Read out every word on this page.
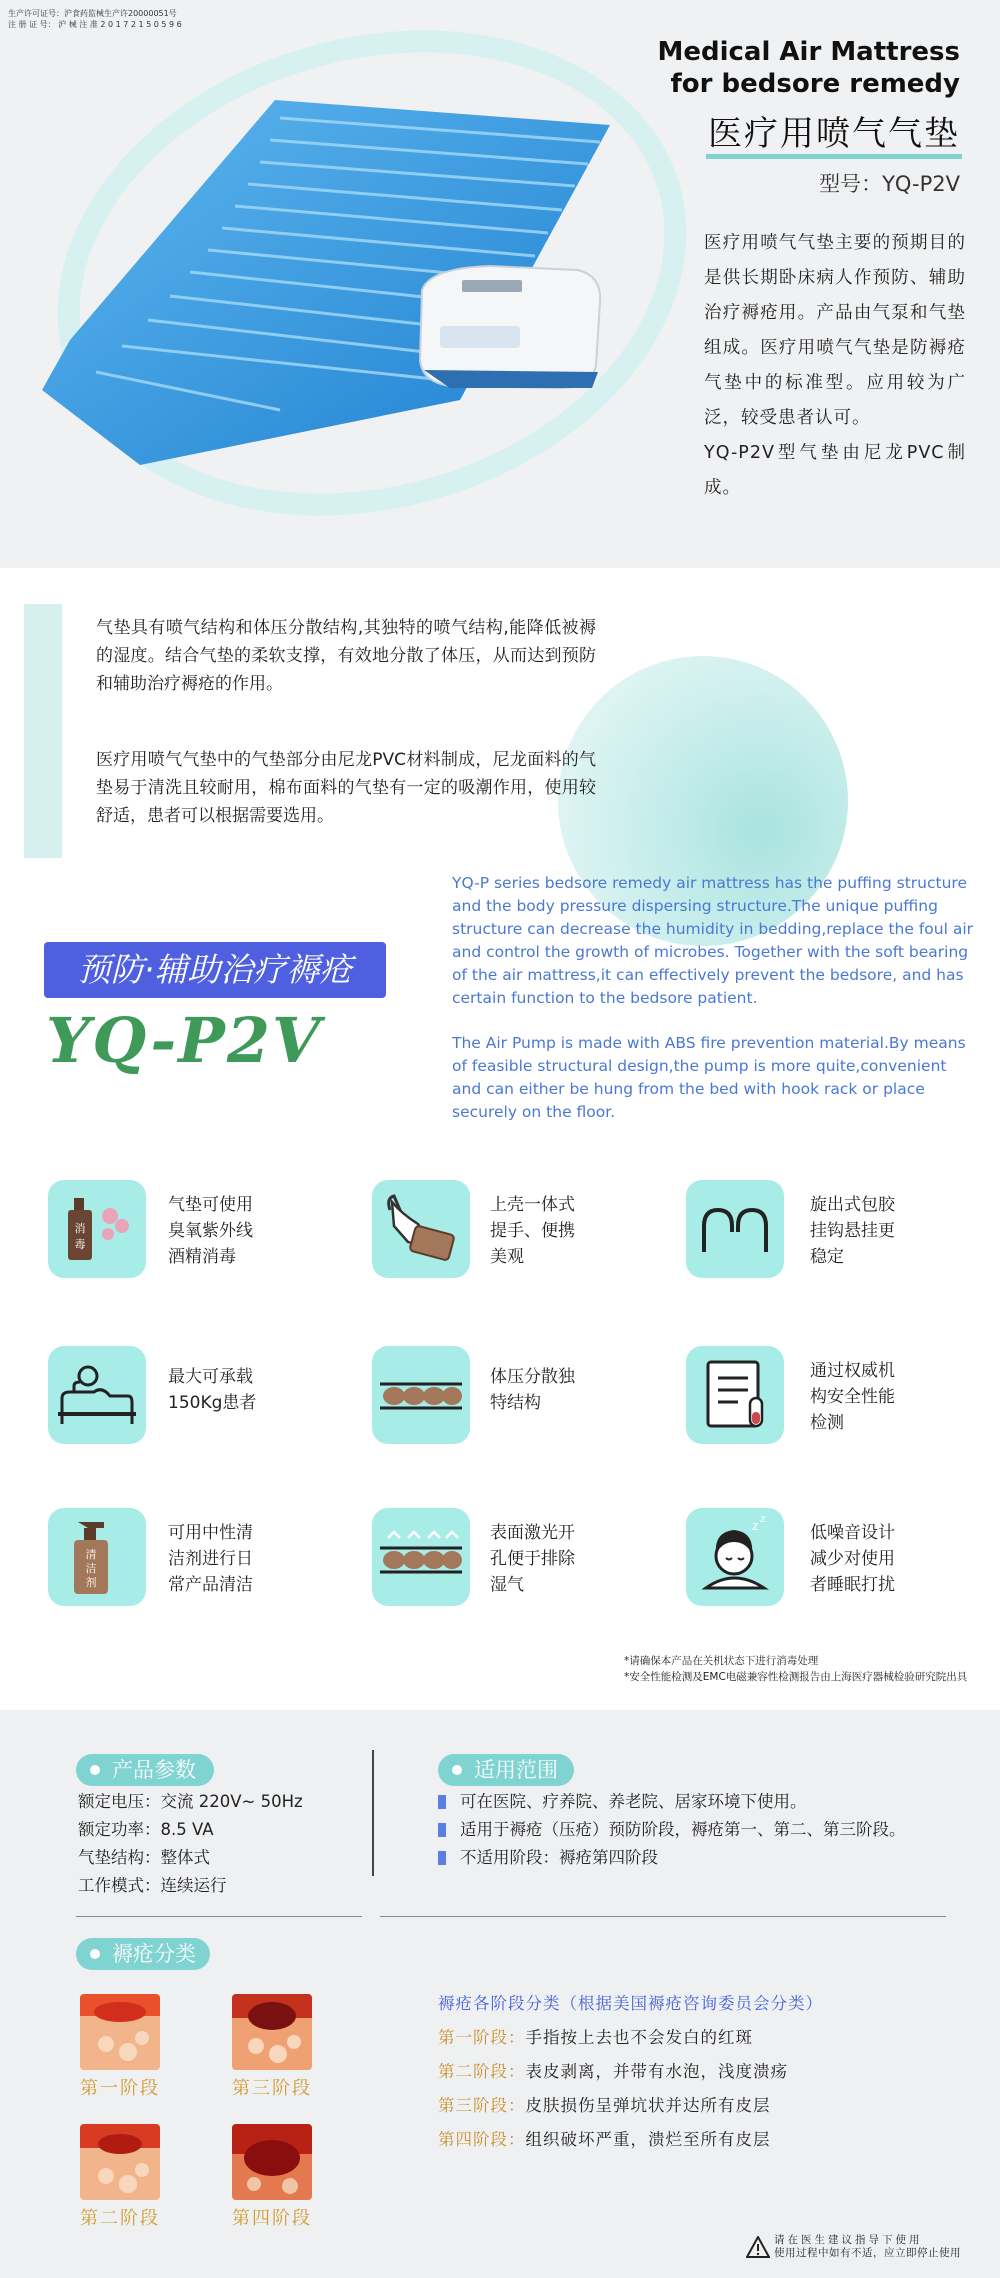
生产许可证号：沪食药监械生产许20000051号
注 册 证 号： 沪 械 注 准 2 0 1 7 2 1 5 0 5 9 6
Medical Air Mattress
for bedsore remedy
医疗用喷气气垫
型号：YQ-P2V
医疗用喷气气垫主要的预期目的是供长期卧床病人作预防、辅助治疗褥疮用。产品由气泵和气垫组成。医疗用喷气气垫是防褥疮气垫中的标准型。应用较为广泛，较受患者认可。
YQ-P2V型气垫由尼龙PVC制成。
气垫具有喷气结构和体压分散结构,其独特的喷气结构,能降低被褥的湿度。结合气垫的柔软支撑，有效地分散了体压，从而达到预防和辅助治疗褥疮的作用。
医疗用喷气气垫中的气垫部分由尼龙PVC材料制成，尼龙面料的气垫易于清洗且较耐用，棉布面料的气垫有一定的吸潮作用，使用较舒适，患者可以根据需要选用。
YQ-P series bedsore remedy air mattress has the puffing structure and the body pressure dispersing structure.The unique puffing structure can decrease the humidity in bedding,replace the foul air and control the growth of microbes. Together with the soft bearing of the air mattress,it can effectively prevent the bedsore, and has certain function to the bedsore patient.
The Air Pump is made with ABS fire prevention material.By means of feasible structural design,the pump is more quite,convenient and can either be hung from the bed with hook rack or place securely on the floor.
预防·辅助治疗褥疮
YQ-P2V
消
毒
气垫可使用
臭氧紫外线
酒精消毒
上壳一体式
提手、便携
美观
旋出式包胶
挂钩悬挂更
稳定
最大可承载
150Kg患者
体压分散独
特结构
通过权威机
构安全性能
检测
清
洁
剂
可用中性清
洁剂进行日
常产品清洁
表面激光开
孔便于排除
湿气
z z
低噪音设计
减少对使用
者睡眠打扰
*请确保本产品在关机状态下进行消毒处理
*安全性能检测及EMC电磁兼容性检测报告由上海医疗器械检验研究院出具
产品参数
额定电压：交流 220V~ 50Hz
额定功率：8.5 VA
气垫结构：整体式
工作模式：连续运行
适用范围
可在医院、疗养院、养老院、居家环境下使用。
适用于褥疮（压疮）预防阶段，褥疮第一、第二、第三阶段。
不适用阶段：褥疮第四阶段
褥疮分类
第一阶段	第三阶段
第二阶段	第四阶段
褥疮各阶段分类（根据美国褥疮咨询委员会分类）
第一阶段：手指按上去也不会发白的红斑
第二阶段：表皮剥离，并带有水泡，浅度溃疡
第三阶段：皮肤损伤呈弹坑状并达所有皮层
第四阶段：组织破坏严重，溃烂至所有皮层
请在医生建议指导下使用
使用过程中如有不适，应立即停止使用
